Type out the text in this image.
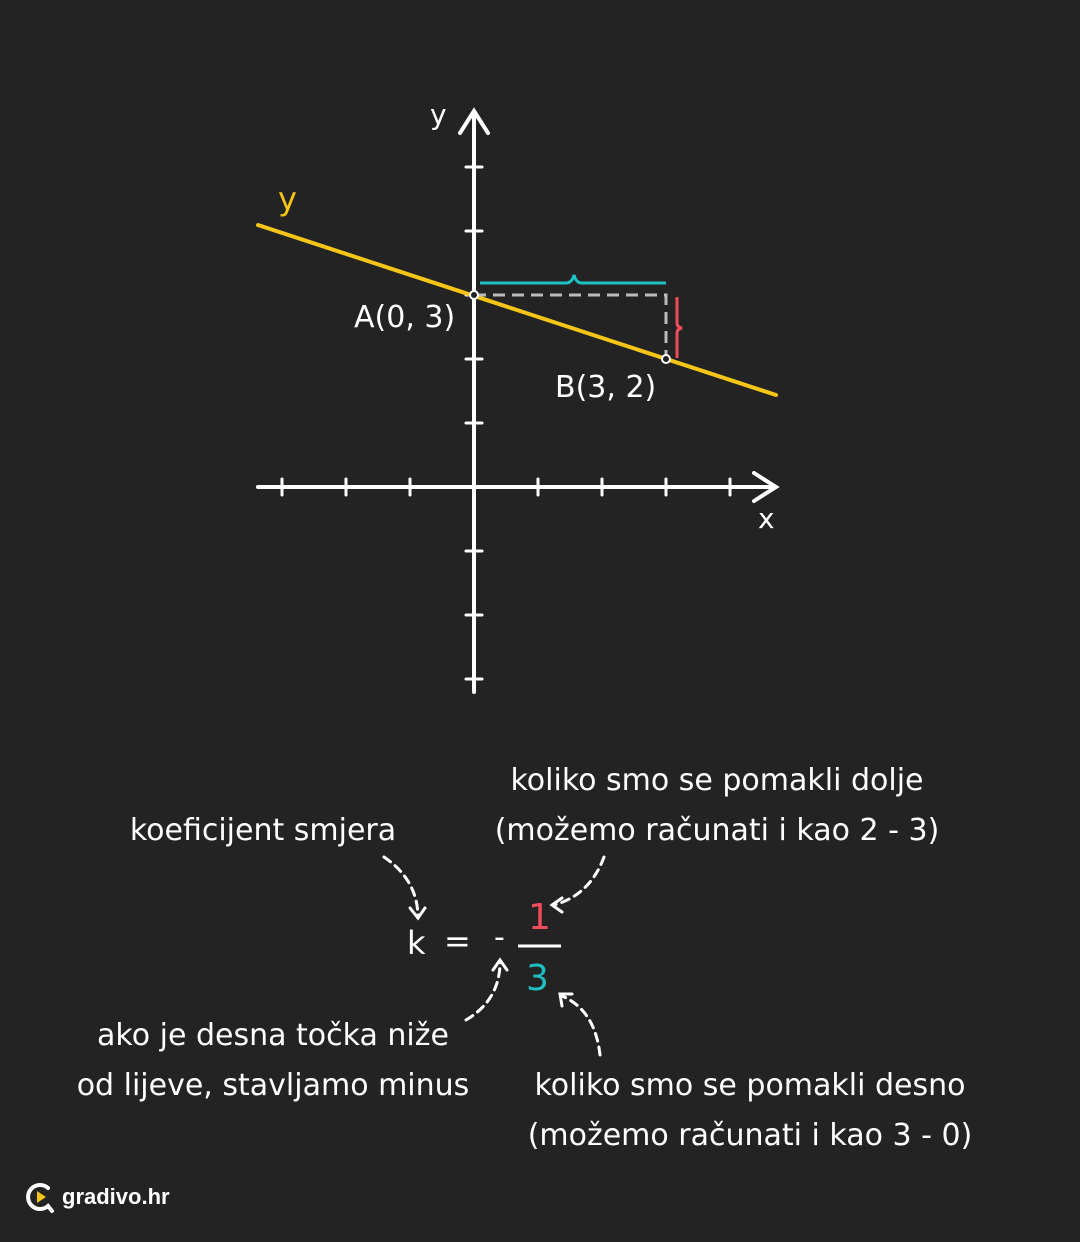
y
x
y
A(0, 3)
B(3, 2)
koliko smo se pomakli dolje
(možemo računati i kao 2 - 3)
koeficijent smjera
k = - 1
3
ako je desna točka niže
od lijeve, stavljamo minus koliko smo se pomakli desno
(možemo računati i kao 3 - 0)
gradivo.hr
